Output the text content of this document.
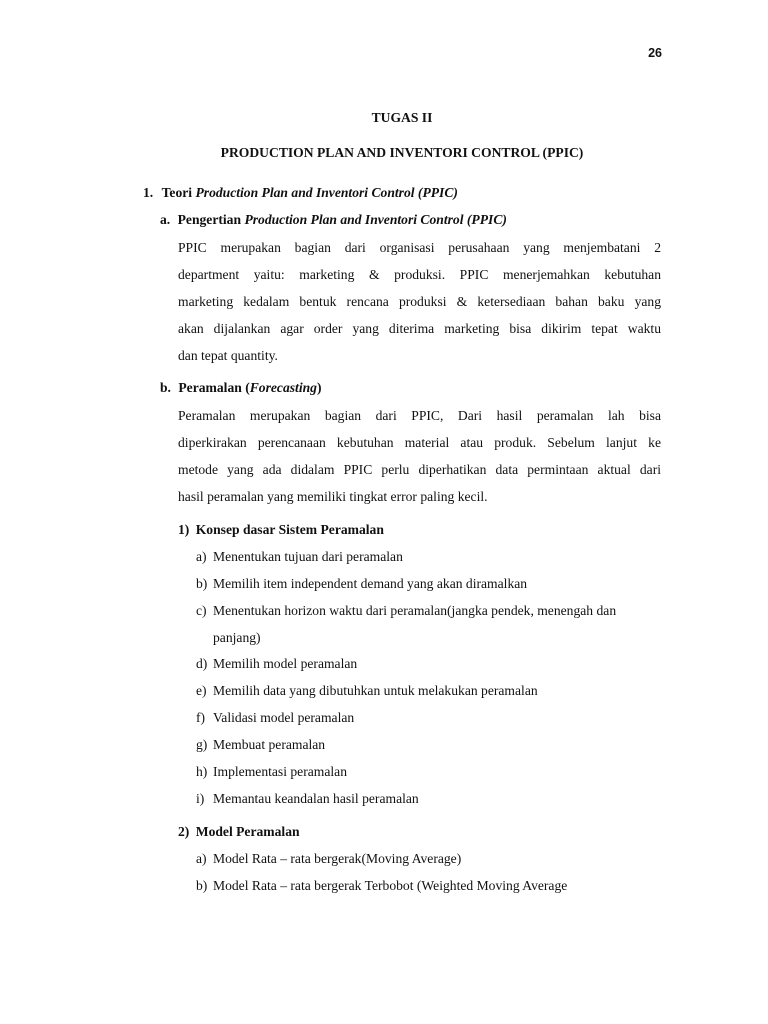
26
TUGAS II
PRODUCTION PLAN AND INVENTORI CONTROL (PPIC)
1. Teori Production Plan and Inventori Control (PPIC)
a. Pengertian Production Plan and Inventori Control (PPIC)
PPIC merupakan bagian dari organisasi perusahaan yang menjembatani 2
department yaitu: marketing & produksi. PPIC menerjemahkan kebutuhan
marketing kedalam bentuk rencana produksi & ketersediaan bahan baku yang
akan dijalankan agar order yang diterima marketing bisa dikirim tepat waktu
dan tepat quantity.
b. Peramalan (Forecasting)
Peramalan merupakan bagian dari PPIC, Dari hasil peramalan lah bisa
diperkirakan perencanaan kebutuhan material atau produk. Sebelum lanjut ke
metode yang ada didalam PPIC perlu diperhatikan data permintaan aktual dari
hasil peramalan yang memiliki tingkat error paling kecil.
1) Konsep dasar Sistem Peramalan
a) Menentukan tujuan dari peramalan
b) Memilih item independent demand yang akan diramalkan
c) Menentukan horizon waktu dari peramalan(jangka pendek, menengah dan
panjang)
d) Memilih model peramalan
e) Memilih data yang dibutuhkan untuk melakukan peramalan
f) Validasi model peramalan
g) Membuat peramalan
h) Implementasi peramalan
i) Memantau keandalan hasil peramalan
2) Model Peramalan
a) Model Rata – rata bergerak(Moving Average)
b) Model Rata – rata bergerak Terbobot (Weighted Moving Average
